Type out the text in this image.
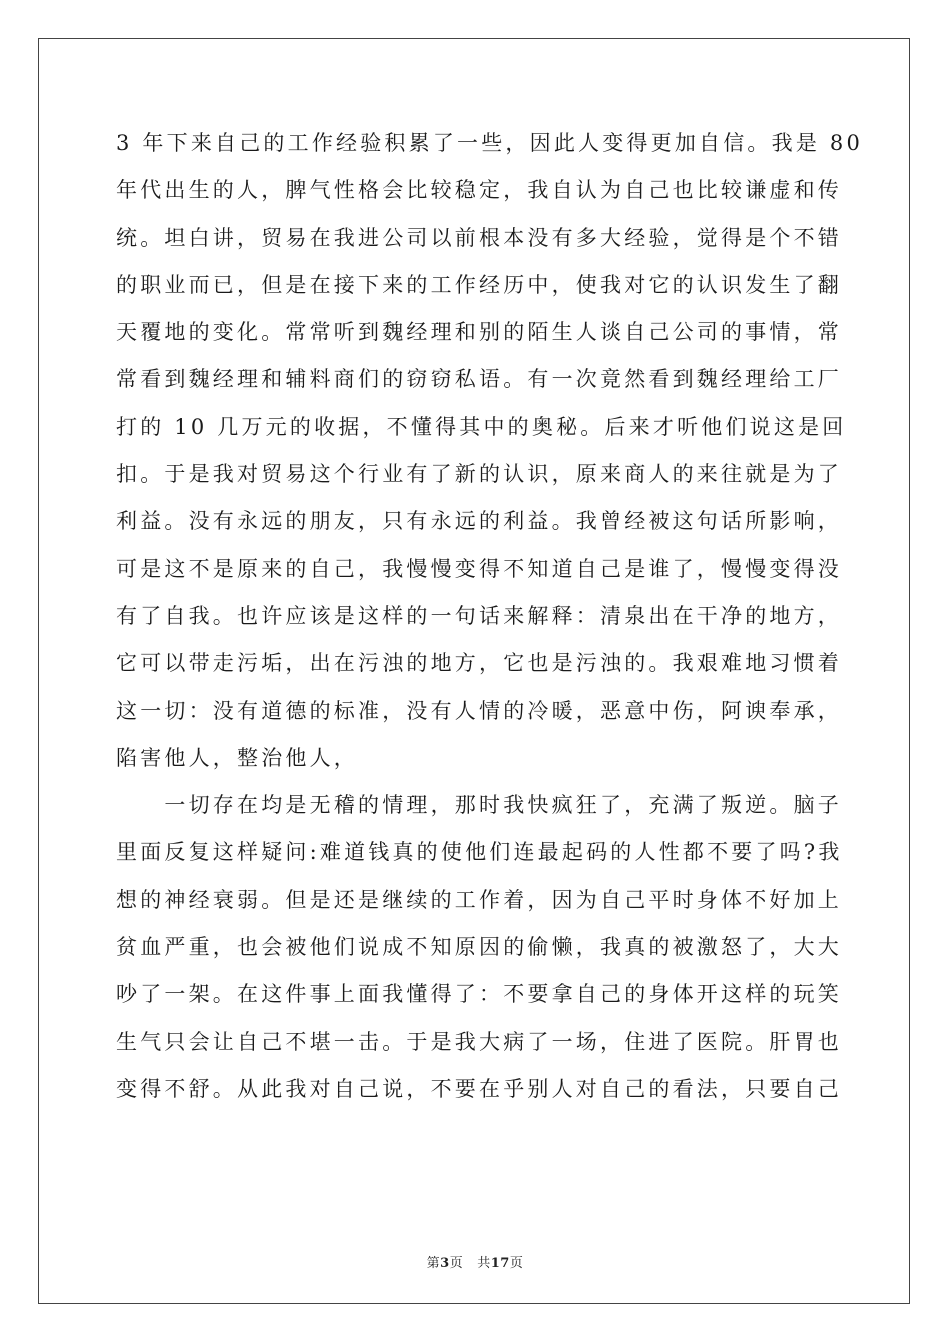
3 年下来自己的工作经验积累了一些，因此人变得更加自信。我是 80
年代出生的人，脾气性格会比较稳定，我自认为自己也比较谦虚和传
统。坦白讲，贸易在我进公司以前根本没有多大经验，觉得是个不错
的职业而已，但是在接下来的工作经历中，使我对它的认识发生了翻
天覆地的变化。常常听到魏经理和别的陌生人谈自己公司的事情，常
常看到魏经理和辅料商们的窃窃私语。有一次竟然看到魏经理给工厂
打的 10 几万元的收据，不懂得其中的奥秘。后来才听他们说这是回
扣。于是我对贸易这个行业有了新的认识，原来商人的来往就是为了
利益。没有永远的朋友，只有永远的利益。我曾经被这句话所影响，
可是这不是原来的自己，我慢慢变得不知道自己是谁了，慢慢变得没
有了自我。也许应该是这样的一句话来解释：清泉出在干净的地方，
它可以带走污垢，出在污浊的地方，它也是污浊的。我艰难地习惯着
这一切：没有道德的标准，没有人情的冷暖，恶意中伤，阿谀奉承，
陷害他人，整治他人，
　　一切存在均是无稽的情理，那时我快疯狂了，充满了叛逆。脑子
里面反复这样疑问:难道钱真的使他们连最起码的人性都不要了吗?我
想的神经衰弱。但是还是继续的工作着，因为自己平时身体不好加上
贫血严重，也会被他们说成不知原因的偷懒，我真的被激怒了，大大
吵了一架。在这件事上面我懂得了：不要拿自己的身体开这样的玩笑
生气只会让自己不堪一击。于是我大病了一场，住进了医院。肝胃也
变得不舒。从此我对自己说，不要在乎别人对自己的看法，只要自己
第3页 共17页
